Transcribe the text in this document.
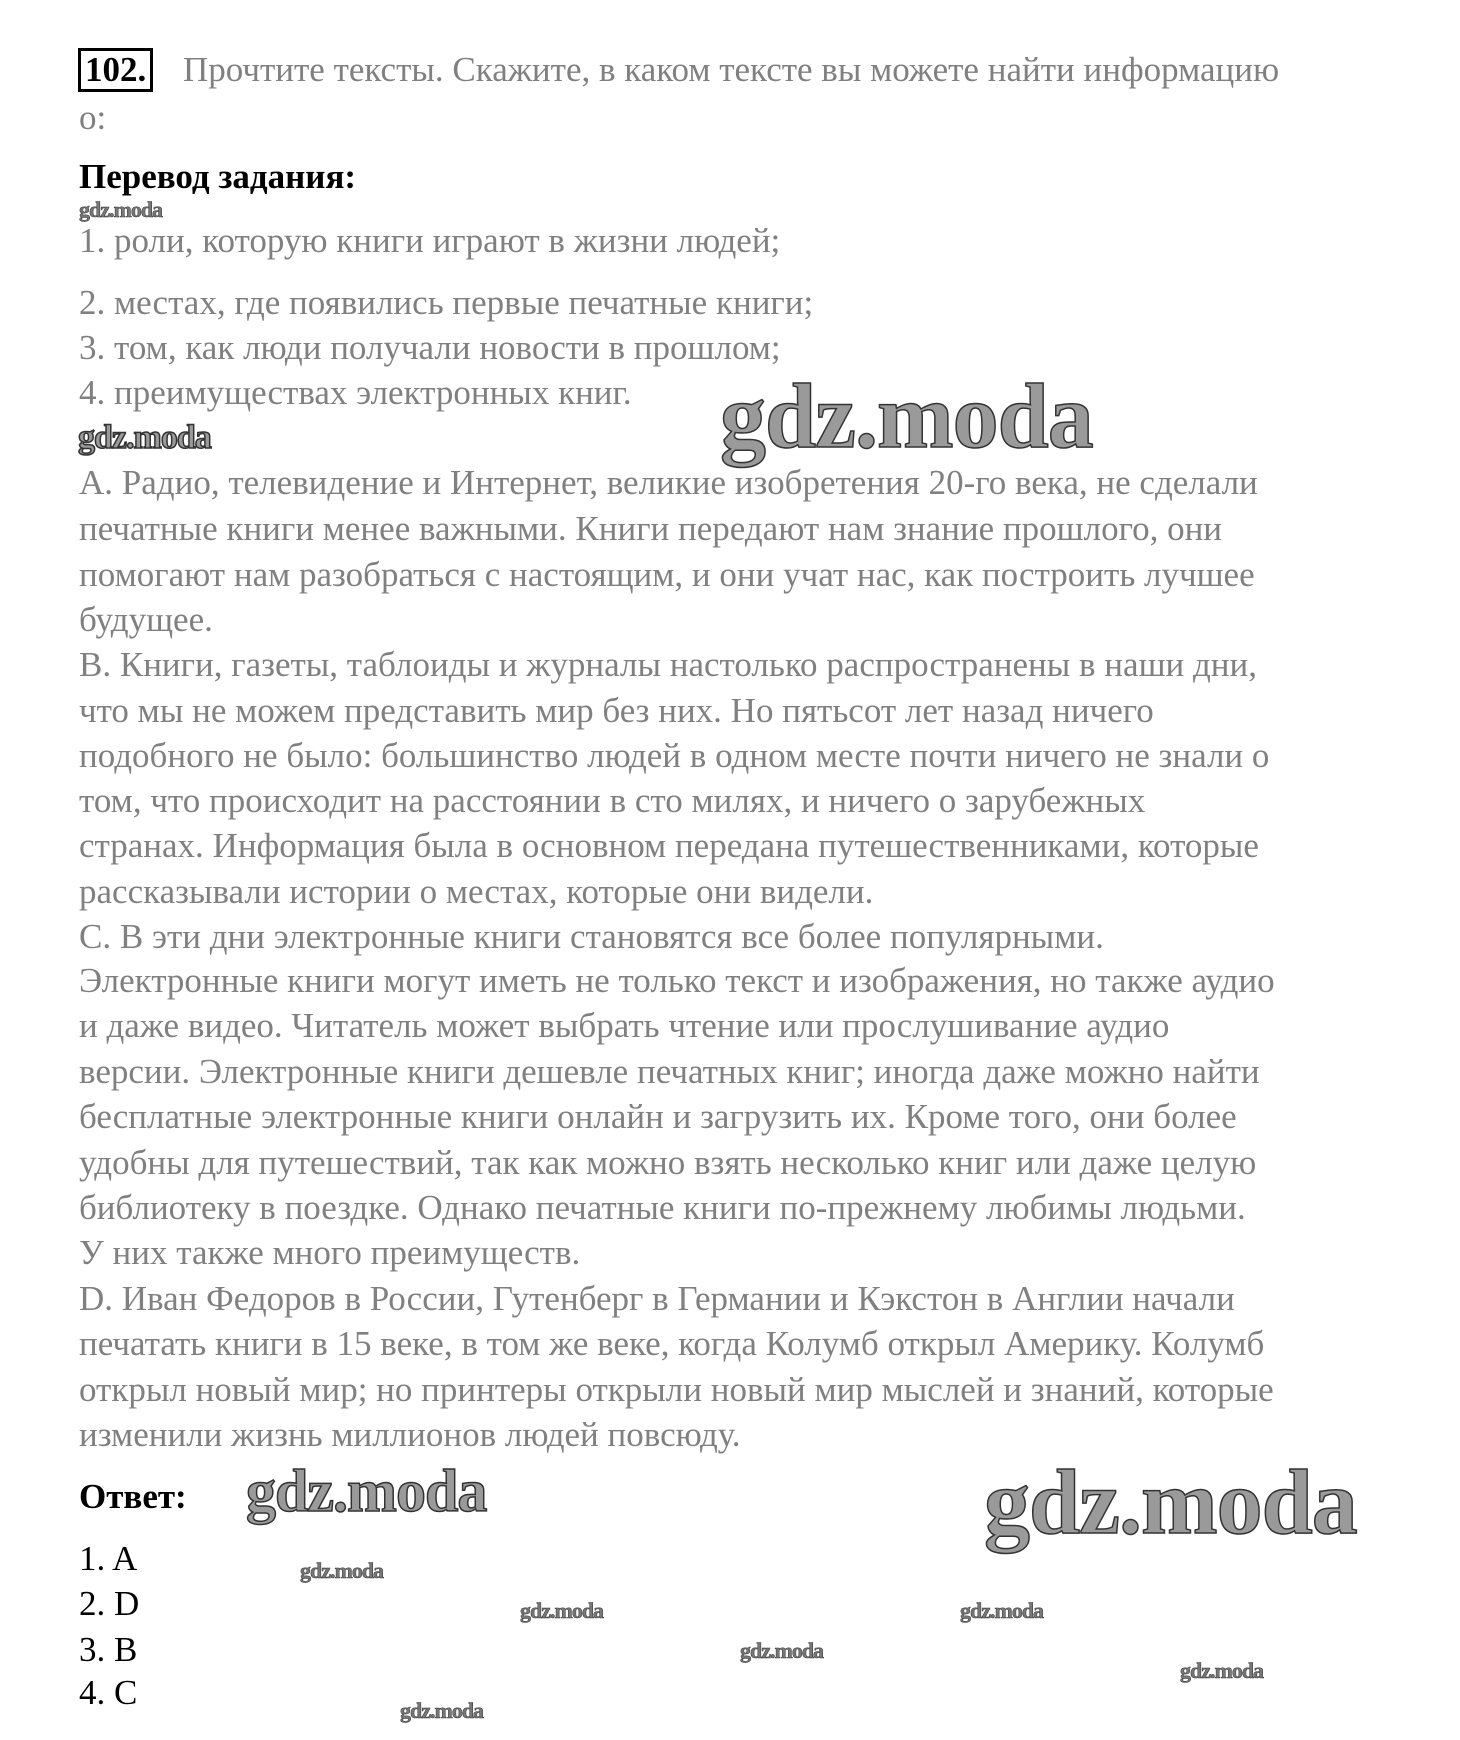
102. Прочтите тексты. Скажите, в каком тексте вы можете найти информацию
о:
Перевод задания:
1. роли, которую книги играют в жизни людей;
2. местах, где появились первые печатные книги;
3. том, как люди получали новости в прошлом;
4. преимуществах электронных книг.
A. Радио, телевидение и Интернет, великие изобретения 20-го века, не сделали
печатные книги менее важными. Книги передают нам знание прошлого, они
помогают нам разобраться с настоящим, и они учат нас, как построить лучшее
будущее.
B. Книги, газеты, таблоиды и журналы настолько распространены в наши дни,
что мы не можем представить мир без них. Но пятьсот лет назад ничего
подобного не было: большинство людей в одном месте почти ничего не знали о
том, что происходит на расстоянии в сто милях, и ничего о зарубежных
странах. Информация была в основном передана путешественниками, которые
рассказывали истории о местах, которые они видели.
C. В эти дни электронные книги становятся все более популярными.
Электронные книги могут иметь не только текст и изображения, но также аудио
и даже видео. Читатель может выбрать чтение или прослушивание аудио
версии. Электронные книги дешевле печатных книг; иногда даже можно найти
бесплатные электронные книги онлайн и загрузить их. Кроме того, они более
удобны для путешествий, так как можно взять несколько книг или даже целую
библиотеку в поездке. Однако печатные книги по-прежнему любимы людьми.
У них также много преимуществ.
D. Иван Федоров в России, Гутенберг в Германии и Кэкстон в Англии начали
печатать книги в 15 веке, в том же веке, когда Колумб открыл Америку. Колумб
открыл новый мир; но принтеры открыли новый мир мыслей и знаний, которые
изменили жизнь миллионов людей повсюду.
Ответ:
1. A
2. D
3. B
4. C
gdz.moda
gdz.moda
gdz.moda
gdz.moda
gdz.moda
gdz.moda
gdz.moda
gdz.moda
gdz.moda
gdz.moda
gdz.moda
